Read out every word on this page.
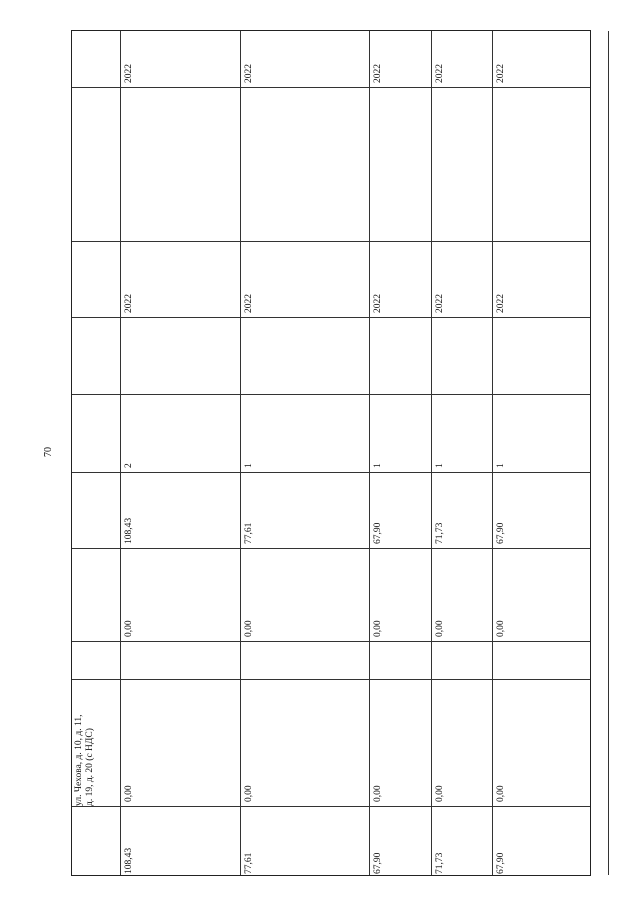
70
ул. Чехова, д. 10, д. 11,
д. 19, д. 20 (с НДС)
2022
2022
2
108,43
0,00
0,00
108,43
2022
2022
1
77,61
0,00
0,00
77,61
2022
2022
1
67,90
0,00
0,00
67,90
2022
2022
1
71,73
0,00
0,00
71,73
2022
2022
1
67,90
0,00
0,00
67,90
